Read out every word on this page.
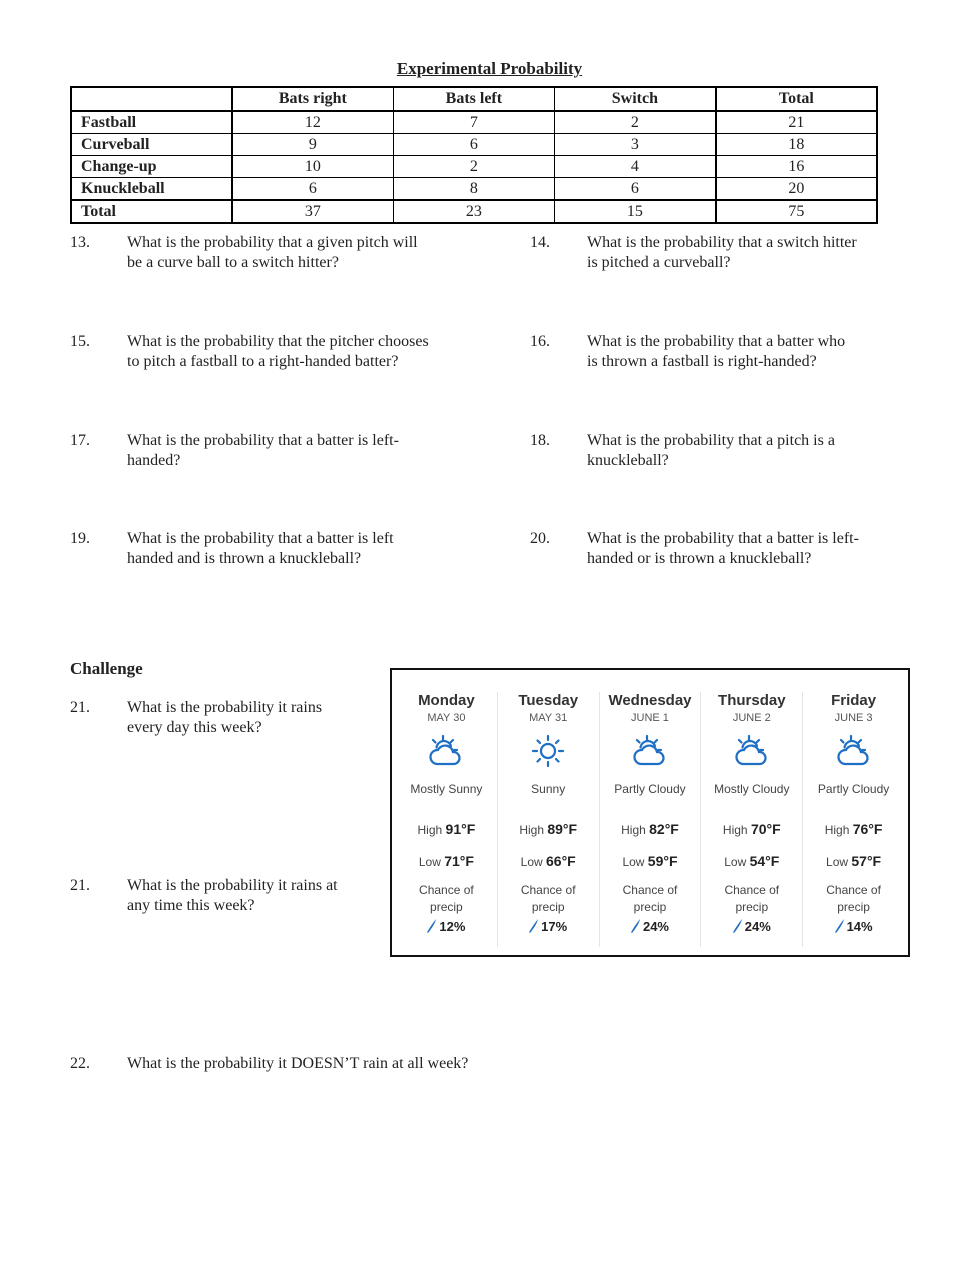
Experimental Probability
	Bats right	Bats left	Switch	Total
Fastball	12	7	2	21
Curveball	9	6	3	18
Change-up	10	2	4	16
Knuckleball	6	8	6	20
Total	37	23	15	75
13. What is the probability that a given pitch will
be a curve ball to a switch hitter?
14. What is the probability that a switch hitter
is pitched a curveball?
15. What is the probability that the pitcher chooses
to pitch a fastball to a right-handed batter?
16. What is the probability that a batter who
is thrown a fastball is right-handed?
17. What is the probability that a batter is left-
handed?
18. What is the probability that a pitch is a
knuckleball?
19. What is the probability that a batter is left
handed and is thrown a knuckleball?
20. What is the probability that a batter is left-
handed or is thrown a knuckleball?
Challenge
21. What is the probability it rains
every day this week?
21. What is the probability it rains at
any time this week?
22. What is the probability it DOESN’T rain at all week?
Monday
MAY 30
Mostly Sunny
High 91°F
Low 71°F
Chance of
precip
12%
Tuesday
MAY 31
Sunny
High 89°F
Low 66°F
Chance of
precip
17%
Wednesday
JUNE 1
Partly Cloudy
High 82°F
Low 59°F
Chance of
precip
24%
Thursday
JUNE 2
Mostly Cloudy
High 70°F
Low 54°F
Chance of
precip
24%
Friday
JUNE 3
Partly Cloudy
High 76°F
Low 57°F
Chance of
precip
14%
